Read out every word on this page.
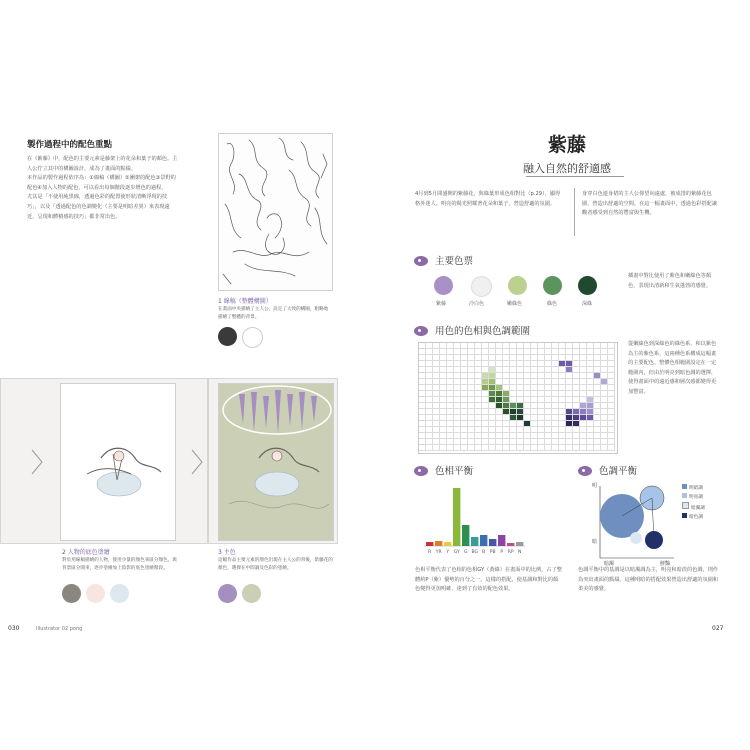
製作過程中的配色重點

在《紫藤》中，配色的主要元素是藤架上的花朵和葉子的顏色。主人公佇立其中的構圖設計，成為了畫面的點綴。

本作品的製作過程依序為：①線稿（構圖）②團架的配色③景野的配色④加入人物的配色，可以看出每個階段逐步增色的過程。

尤其是「不使用純黑線，透過色彩的配置使形狀清晰浮現的技巧」，以及「透過配色的色調變化（主要是明暗差異）來表現遠近，呈現和體積感的技巧」都非常出色。

1 線稿（整體構圖）
在畫面中央描繪了主人公，設定了大致的構圖，粗略地描繪了整體的背景。
2 人物的底色塗繪
對於用線稿描繪的人物，使用少量的顏色來區分顏色，與背景區分開來，逐步塗繪加上陰影的底色塗繪階段。
3 主色
這幅作品主要元素的顏色出現在主人公的背後，紫藤花的顏色，選擇在中間調及色彩的塗繪。
030	Illustrator 02 pong
紫藤
融入自然的舒適感
4月到5月間盛開的紫藤花，與綠葉形成色相對比（p.29），顯得格外迷人。明亮的陽光照耀著花朵和葉子，營造舒適的氛圍。
身穿白色連身裙的主人公仰望向遠處，被成排的紫藤花包圍，營造出舒適的空間。在這一幅畫面中，透過色彩搭配讓觀者感受到自然的豐富與生機。
主要色票
紫藤	冷白色	嫩綠色	綠色	深綠
插畫中對比使用了紫色和嫩綠色等顏色，表現出清新和生氣蓬勃的感覺。
用色的色相與色調範圍
從嫩綠色到深綠色的綠色系，和以紫色為主的紫色系，這兩種色系構成這幅畫的主要配色。整體色相範圍設定在一定範圍內，但由於明亮到暗色調的選擇，使得畫面中的遠近感和層次感都變得更加豐富。
色相平衡
R YR Y GY G BG B PB P RP N
色相平衡代表了色相的色相GY（黃綠）在畫面中的比例，占了整體約P（紫）優勢的百分之一。這樣的搭配，使基調和對比的顏色變得更加明確，達到了有效的配色效果。
色調平衡
明
暗
暗濁	鮮豔
明暗調
明亮調
暗濁調
暗色調
色調平衡中的基調是以暗濁調為主，明亮和暗淡的色調，則作為突出畫面的點綴。這種明暗的搭配效果營造出舒適的氛圍和柔美的感覺。
027
